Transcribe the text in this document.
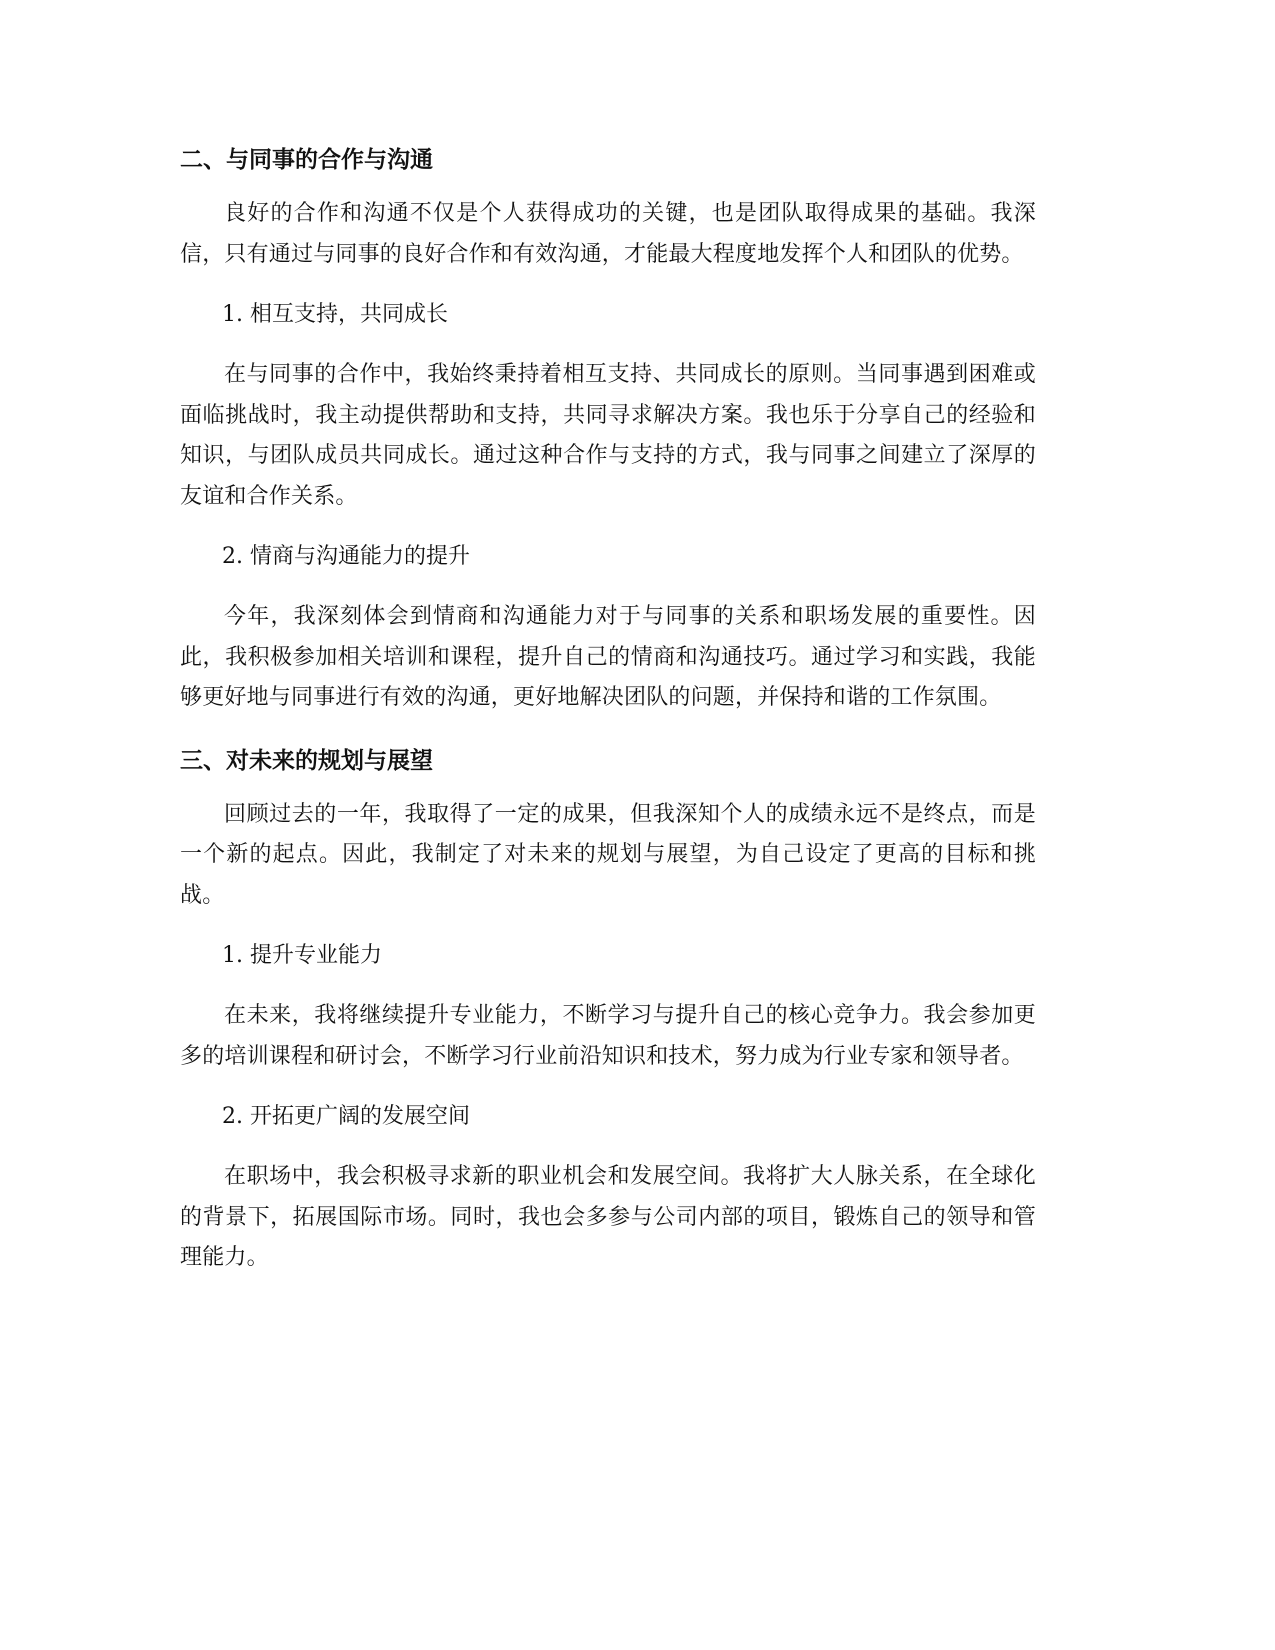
二、与同事的合作与沟通

良好的合作和沟通不仅是个人获得成功的关键，也是团队取得成果的基础。我深信，只有通过与同事的良好合作和有效沟通，才能最大程度地发挥个人和团队的优势。

1. 相互支持，共同成长

在与同事的合作中，我始终秉持着相互支持、共同成长的原则。当同事遇到困难或面临挑战时，我主动提供帮助和支持，共同寻求解决方案。我也乐于分享自己的经验和知识，与团队成员共同成长。通过这种合作与支持的方式，我与同事之间建立了深厚的友谊和合作关系。

2. 情商与沟通能力的提升

今年，我深刻体会到情商和沟通能力对于与同事的关系和职场发展的重要性。因此，我积极参加相关培训和课程，提升自己的情商和沟通技巧。通过学习和实践，我能够更好地与同事进行有效的沟通，更好地解决团队的问题，并保持和谐的工作氛围。

三、对未来的规划与展望

回顾过去的一年，我取得了一定的成果，但我深知个人的成绩永远不是终点，而是一个新的起点。因此，我制定了对未来的规划与展望，为自己设定了更高的目标和挑战。

1. 提升专业能力

在未来，我将继续提升专业能力，不断学习与提升自己的核心竞争力。我会参加更多的培训课程和研讨会，不断学习行业前沿知识和技术，努力成为行业专家和领导者。

2. 开拓更广阔的发展空间

在职场中，我会积极寻求新的职业机会和发展空间。我将扩大人脉关系，在全球化的背景下，拓展国际市场。同时，我也会多参与公司内部的项目，锻炼自己的领导和管理能力。
